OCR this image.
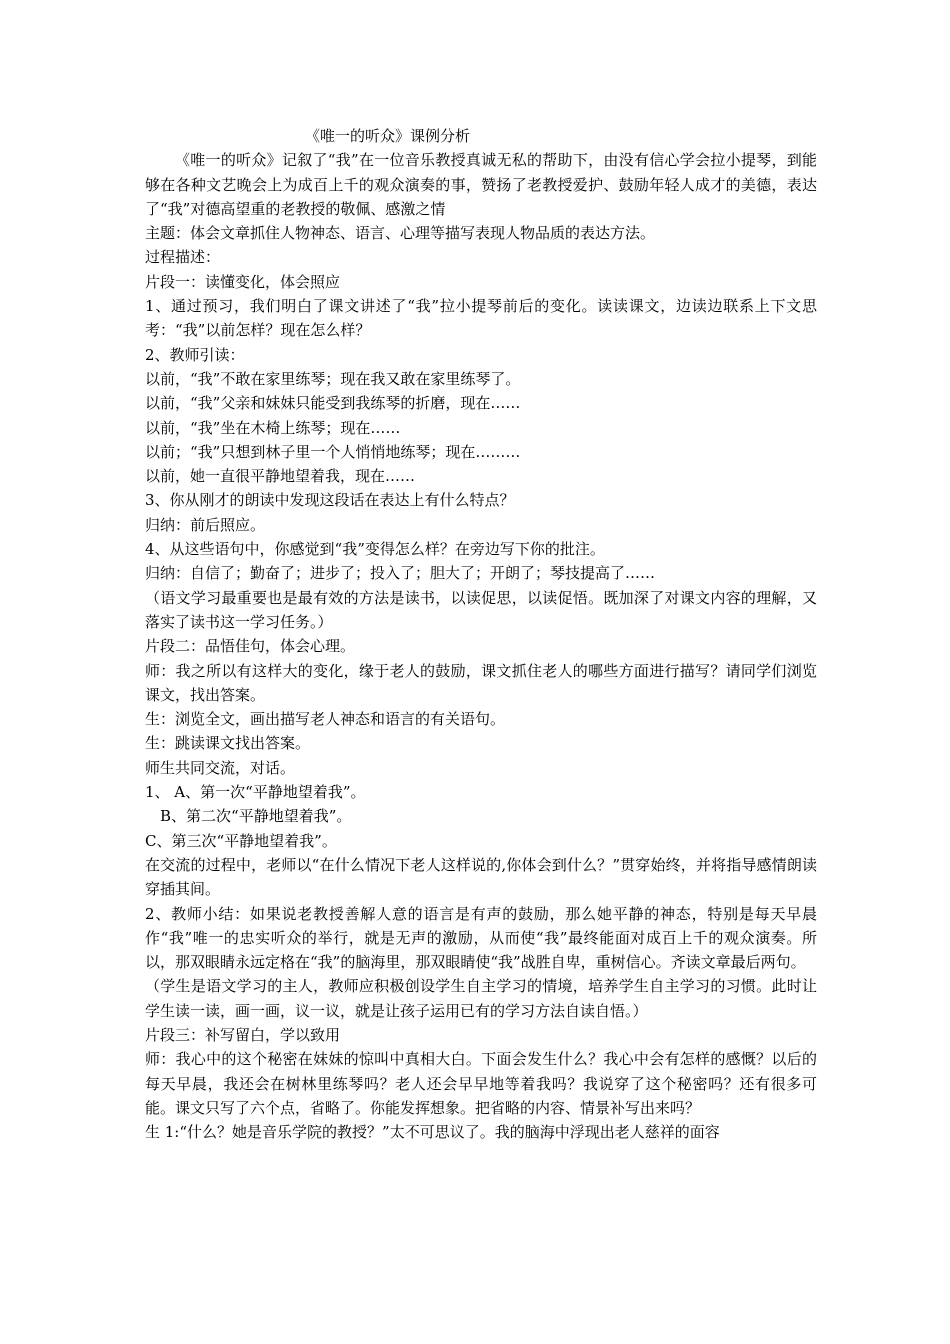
《唯一的听众》课例分析

《唯一的听众》记叙了“我”在一位音乐教授真诚无私的帮助下，由没有信心学会拉小提琴，到能够在各种文艺晚会上为成百上千的观众演奏的事，赞扬了老教授爱护、鼓励年轻人成才的美德，表达了“我”对德高望重的老教授的敬佩、感激之情

主题：体会文章抓住人物神态、语言、心理等描写表现人物品质的表达方法。

过程描述：

片段一：读懂变化，体会照应

1、通过预习，我们明白了课文讲述了“我”拉小提琴前后的变化。读读课文，边读边联系上下文思考：“我”以前怎样？现在怎么样？

2、教师引读：

以前，“我”不敢在家里练琴；现在我又敢在家里练琴了。

以前，“我”父亲和妹妹只能受到我练琴的折磨，现在……

以前，“我”坐在木椅上练琴；现在……

以前；“我”只想到林子里一个人悄悄地练琴；现在………

以前，她一直很平静地望着我，现在……

3、你从刚才的朗读中发现这段话在表达上有什么特点？

归纳：前后照应。

4、从这些语句中，你感觉到“我”变得怎么样？在旁边写下你的批注。

归纳：自信了；勤奋了；进步了；投入了；胆大了；开朗了；琴技提高了……

（语文学习最重要也是最有效的方法是读书，以读促思，以读促悟。既加深了对课文内容的理解，又落实了读书这一学习任务。）

片段二：品悟佳句，体会心理。

师：我之所以有这样大的变化，缘于老人的鼓励，课文抓住老人的哪些方面进行描写？请同学们浏览课文，找出答案。

生：浏览全文，画出描写老人神态和语言的有关语句。

生：跳读课文找出答案。

师生共同交流，对话。

1、 A、第一次“平静地望着我”。

B、第二次“平静地望着我”。

C、第三次“平静地望着我”。

在交流的过程中，老师以“在什么情况下老人这样说的,你体会到什么？”贯穿始终，并将指导感情朗读穿插其间。

2、教师小结：如果说老教授善解人意的语言是有声的鼓励，那么她平静的神态，特别是每天早晨作“我”唯一的忠实听众的举行，就是无声的激励，从而使“我”最终能面对成百上千的观众演奏。所以，那双眼睛永远定格在“我”的脑海里，那双眼睛使“我”战胜自卑，重树信心。齐读文章最后两句。

（学生是语文学习的主人，教师应积极创设学生自主学习的情境，培养学生自主学习的习惯。此时让学生读一读，画一画，议一议，就是让孩子运用已有的学习方法自读自悟。）

片段三：补写留白，学以致用

师：我心中的这个秘密在妹妹的惊叫中真相大白。下面会发生什么？我心中会有怎样的感慨？以后的每天早晨，我还会在树林里练琴吗？老人还会早早地等着我吗？我说穿了这个秘密吗？还有很多可能。课文只写了六个点，省略了。你能发挥想象。把省略的内容、情景补写出来吗？

生 1:“什么？她是音乐学院的教授？”太不可思议了。我的脑海中浮现出老人慈祥的面容
